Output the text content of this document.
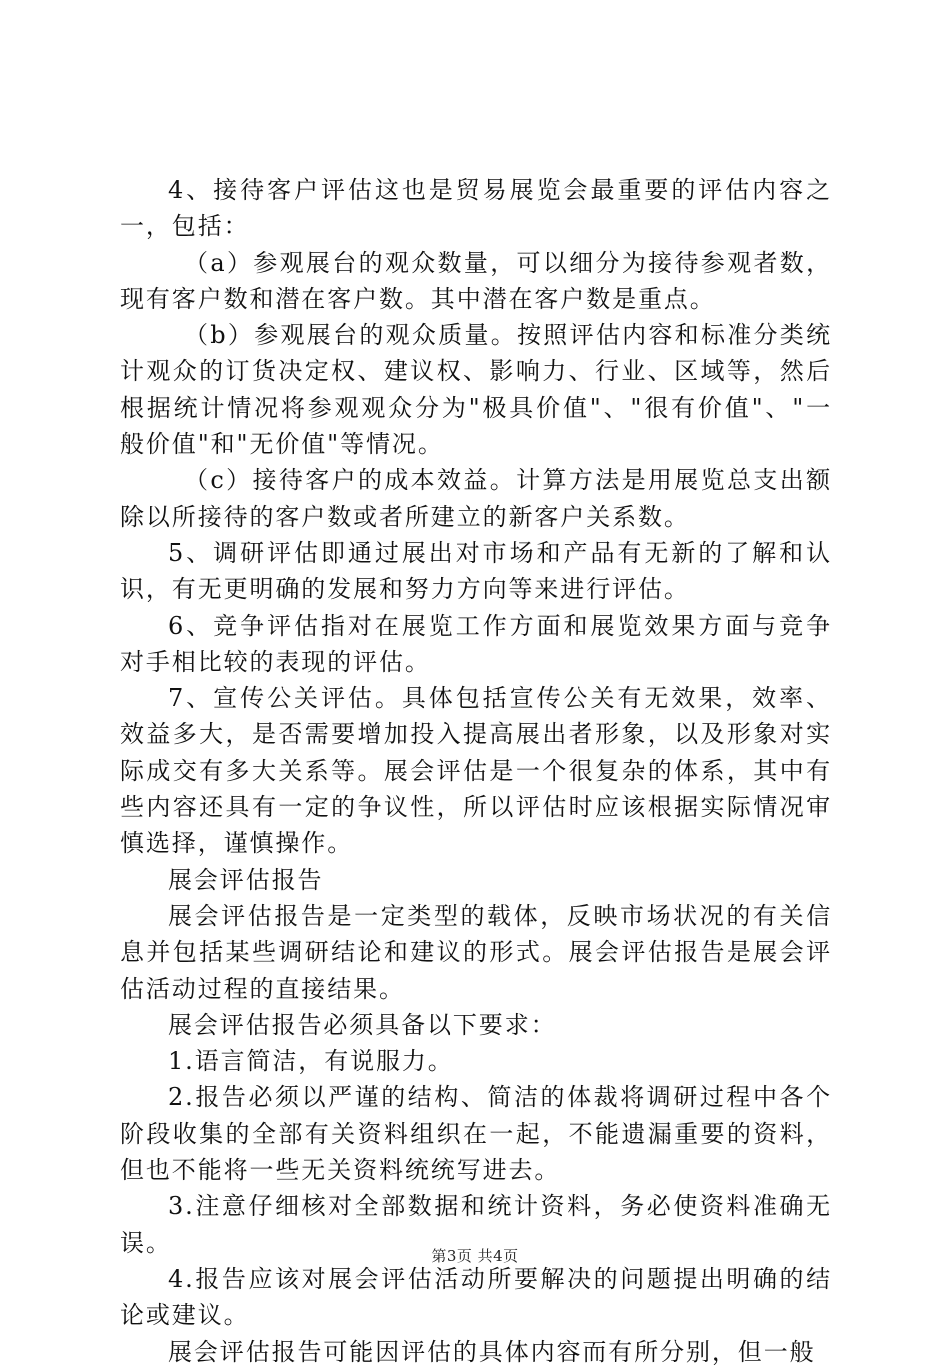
4、接待客户评估这也是贸易展览会最重要的评估内容之一，包括：

（a）参观展台的观众数量，可以细分为接待参观者数，现有客户数和潜在客户数。其中潜在客户数是重点。

（b）参观展台的观众质量。按照评估内容和标准分类统计观众的订货决定权、建议权、影响力、行业、区域等，然后根据统计情况将参观观众分为"极具价值"、"很有价值"、"一般价值"和"无价值"等情况。

（c）接待客户的成本效益。计算方法是用展览总支出额除以所接待的客户数或者所建立的新客户关系数。

5、调研评估即通过展出对市场和产品有无新的了解和认识，有无更明确的发展和努力方向等来进行评估。

6、竞争评估指对在展览工作方面和展览效果方面与竞争对手相比较的表现的评估。

7、宣传公关评估。具体包括宣传公关有无效果，效率、效益多大，是否需要增加投入提高展出者形象，以及形象对实际成交有多大关系等。展会评估是一个很复杂的体系，其中有些内容还具有一定的争议性，所以评估时应该根据实际情况审慎选择，谨慎操作。

展会评估报告

展会评估报告是一定类型的载体，反映市场状况的有关信息并包括某些调研结论和建议的形式。展会评估报告是展会评估活动过程的直接结果。

展会评估报告必须具备以下要求：

1.语言简洁，有说服力。

2.报告必须以严谨的结构、简洁的体裁将调研过程中各个阶段收集的全部有关资料组织在一起，不能遗漏重要的资料，但也不能将一些无关资料统统写进去。

3.注意仔细核对全部数据和统计资料，务必使资料准确无误。

4.报告应该对展会评估活动所要解决的问题提出明确的结论或建议。

展会评估报告可能因评估的具体内容而有所分别，但一般

第3页 共4页
